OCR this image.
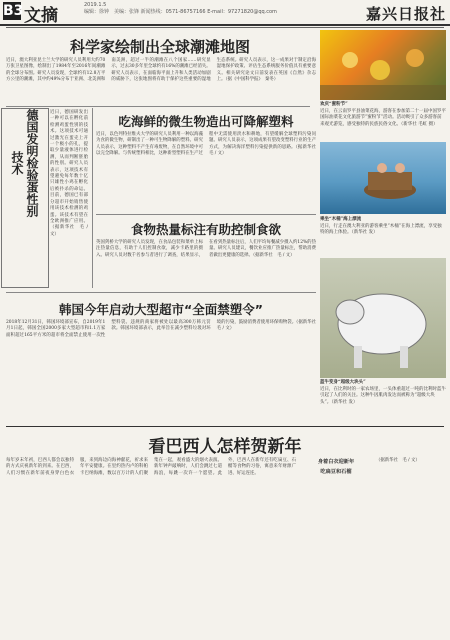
B3 文摘
2019.1.5
编辑：徐钟　美编：张锋 新闻热线：0571-86757166 E-mail：97271820@qq.com	嘉兴日报社
科学家绘制出全球潮滩地图
近日，澳大利亚昆士兰大学的研究人员利用大约70万张卫星图像，绘制出了1984年至2016年间潮滩的全球分布图。研究人员发现，全球约有12.8万平方公里的潮滩，其中约49%分布于亚洲、北美洲和南美洲，超过一半的潮滩在八个国家……研究显示，过去30多年里全球约有16%的潮滩已经消失。研究人员表示，在面临海平面上升和人类活动加剧的威胁下，这张地图将有助于保护这些重要的湿地生态系统。研究人员表示，这一成果对于制定沿海湿地保护政策、评估生态系统服务价值具有重要意义。相关研究论文日前发表在英国《自然》杂志上。（据《中国科学报》　秦冬）
欢庆“蜜粉节”
近日，在云南罗平县油菜花海，游客在参加第二十一届中国罗平国际油菜花文化旅游节“蜜粉节”活动。活动吸引了众多游客前来观光游览，感受独特的民族民俗文化。（新华社 毛虹 摄）
德国发明检验蛋性别技术
近日，德国研发出一种可以在孵化前检测鸡蛋性别的技术。这项技术可通过激光在蛋壳上开一个极小的孔，提取少量液体进行检测，从而判断胚胎的性别。研究人员表示，这项技术有望避免每年数十亿只雄性小鸡在孵化后被扑杀的命运。目前，德国已有部分超市开始销售使用该技术检测的鸡蛋。该技术有望在全欧洲推广应用。（据新华社　毛 / 文）
吃海鲜的微生物造出可降解塑料
近日，以色列特拉维夫大学的研究人员利用一种以海藻为食的微生物，研制出了一种可生物降解的塑料。研究人员表示，这种塑料不产生有毒废物，在自然环境中可以完全降解。与传统塑料相比，这种新型塑料在生产过程中无需使用淡水和耕地，有望缓解全球塑料污染问题。研究人员表示，这项成果有望改变塑料行业的生产方式，为解决海洋塑料污染提供新的思路。（据新华社　毛 / 文）
食物热量标注有助控制食欲
英国剑桥大学的研究人员发现，在食品包装和菜单上标注热量信息，有助于人们控制食欲，减少卡路里的摄入。研究人员对数千名参与者进行了调查，结果显示，在看到热量标注后，人们平均每餐减少摄入约12%的热量。研究人员建议，餐饮业应推广热量标注，帮助消费者做出更健康的选择。（据新华社　毛 / 文）
乘坐“木桶”海上漂流
近日，行走在澳大利亚的游客乘坐“木桶”在海上漂流，享受独特的海上体验。（新华社 发）
韩国今年启动大型超市“全面禁塑令”
2018年12月31日，韩国环境部宣布，自2019年1月1日起，韩国全国2000多家大型超市和1.1万家面积超过165平方米的超市将全面禁止使用一次性塑料袋。违规的商家将被处以最高300万韩元罚款。韩国环境部表示，此举旨在减少塑料垃圾对环境的污染，鼓励消费者使用环保购物袋。（据新华社　毛 / 文）
蓝牛变身“超级大块头”
近日，在比利时的一家农场里，一头体重超过一吨的比利时蓝牛引起了人们的关注。这种牛因肌肉发达而被称为“超级大块头”。（新华社 发）
看巴西人怎样贺新年
每年岁末年初，巴西人都会以独特的方式庆祝新年的到来。在巴西，人们习惯在新年前夜身穿白色衣服，来到海边向海神献花，祈求来年平安健康。在里约热内卢的科帕卡巴纳海滩，数以百万计的人们聚集在一起，观看盛大的烟火表演。新年钟声敲响时，人们会跳过七道海浪，每跳一次许一个愿望。此外，巴西人在新年还有吃扁豆、石榴等食物的习俗，寓意来年财源广进、好运连连。
身着白衣迎新年
吃扁豆和石榴
（据新华社　毛 / 文）
